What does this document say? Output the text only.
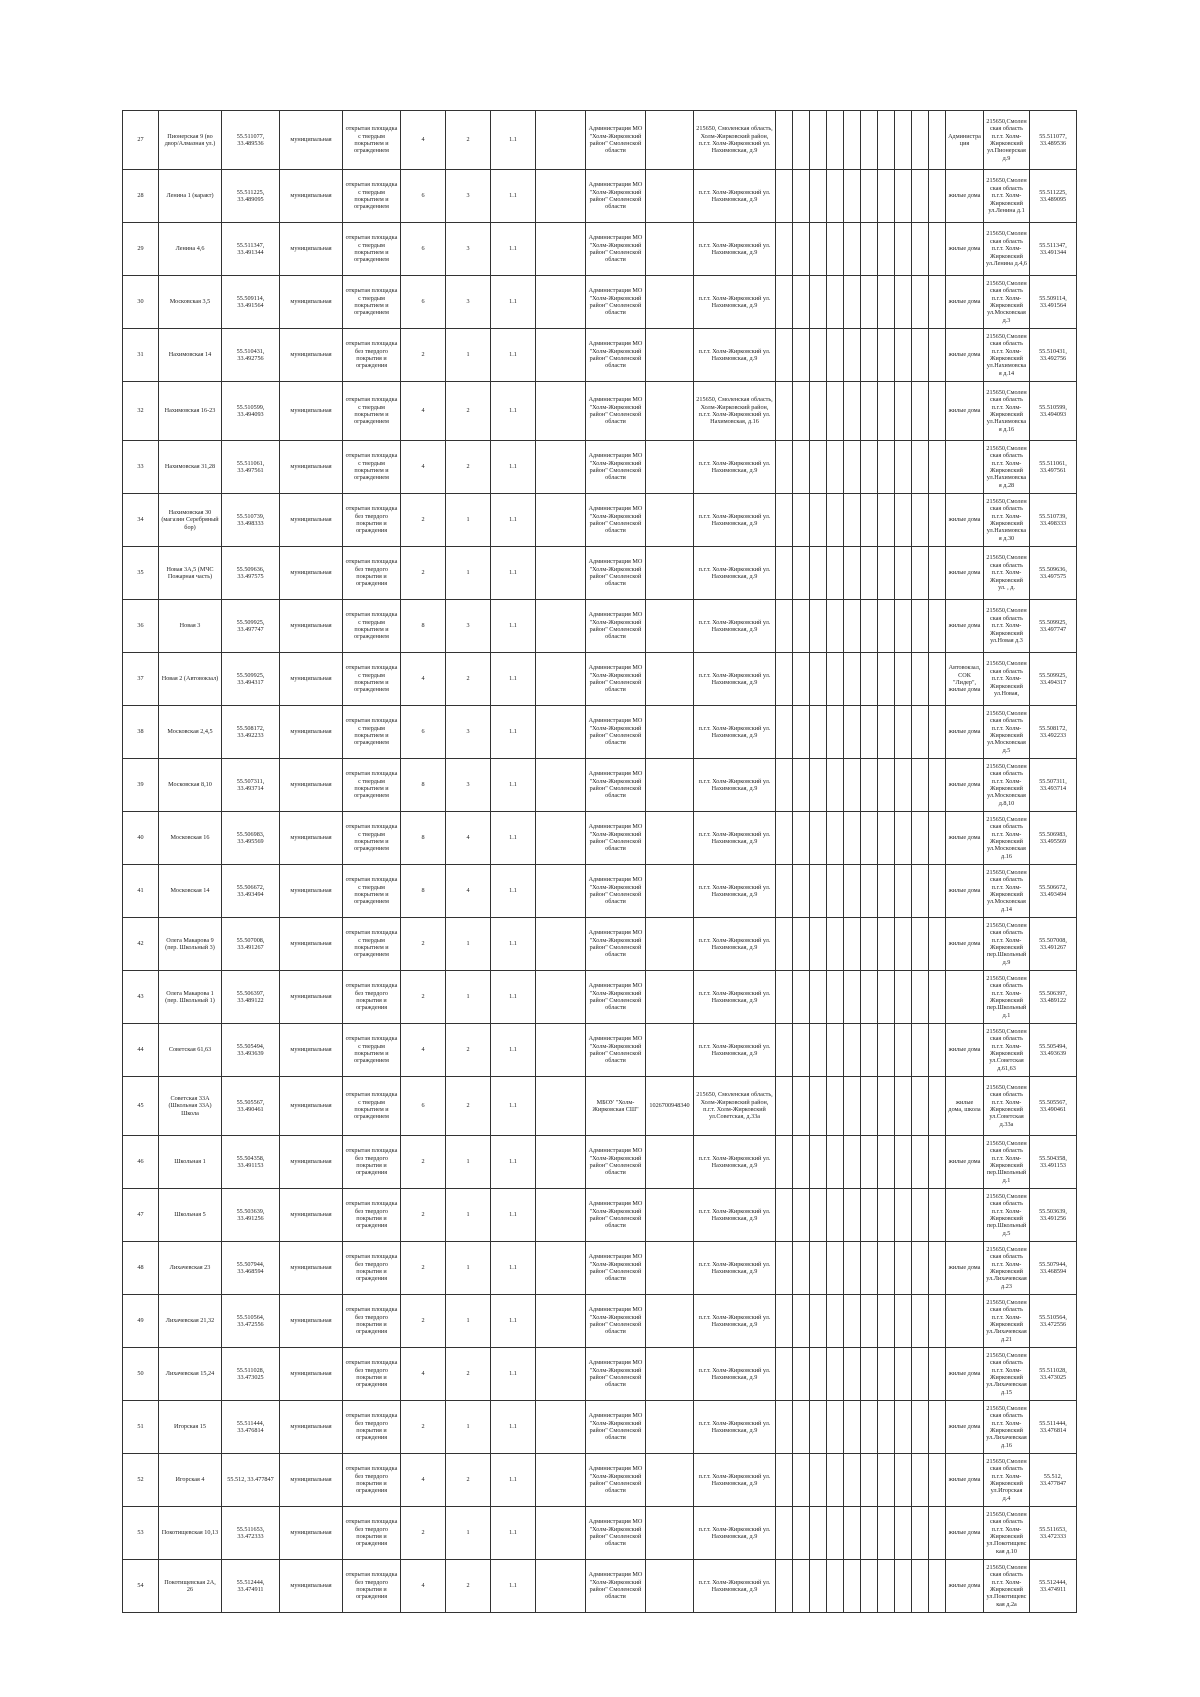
27	Пионерская 9 (во двор/Алмазная ул.)	55.511077, 33.489536	муниципальная	открытая площадка с твердым покрытием и ограждением	4	2	1.1		Администрация МО "Холм-Жирковский район" Смоленской области		215650, Смоленская область, Холм-Жирковский район, п.г.т. Холм-Жирковский ул. Нахимовская, д.9											Администрация	215650,Смоленская область п.г.т. Холм-Жирковский ул.Пионерская д.9	55.511077, 33.489536
28	Ленина 1 (каракт)	55.511225, 33.489095	муниципальная	открытая площадка с твердым покрытием и ограждением	6	3	1.1		Администрация МО "Холм-Жирковский район" Смоленской области		п.г.т. Холм-Жирковский ул. Нахимовская, д.9											жилые дома	215650,Смоленская область п.г.т. Холм-Жирковский ул.Ленина д.1	55.511225, 33.489095
29	Ленина 4,6	55.511347, 33.491344	муниципальная	открытая площадка с твердым покрытием и ограждением	6	3	1.1		Администрация МО "Холм-Жирковский район" Смоленской области		п.г.т. Холм-Жирковский ул. Нахимовская, д.9											жилые дома	215650,Смоленская область п.г.т. Холм-Жирковский ул.Ленина д.4,6	55.511347, 33.491344
30	Московская 3,5	55.509114, 33.491564	муниципальная	открытая площадка с твердым покрытием и ограждением	6	3	1.1		Администрация МО "Холм-Жирковский район" Смоленской области		п.г.т. Холм-Жирковский ул. Нахимовская, д.9											жилые дома	215650,Смоленская область п.г.т. Холм-Жирковский ул.Московская д.3	55.509114, 33.491564
31	Нахимовская 14	55.510431, 33.492756	муниципальная	открытая площадка без твердого покрытия и ограждения	2	1	1.1		Администрация МО "Холм-Жирковский район" Смоленской области		п.г.т. Холм-Жирковский ул. Нахимовская, д.9											жилые дома	215650,Смоленская область п.г.т. Холм-Жирковский ул.Нахимовская д.14	55.510431, 33.492756
32	Нахимовская 16-23	55.510599, 33.494093	муниципальная	открытая площадка с твердым покрытием и ограждением	4	2	1.1		Администрация МО "Холм-Жирковский район" Смоленской области		215650, Смоленская область, Холм-Жирковский район, п.г.т. Холм-Жирковский ул. Нахимовская, д.16											жилые дома	215650,Смоленская область п.г.т. Холм-Жирковский ул.Нахимовская д.16	55.510599, 33.494093
33	Нахимовская 31,28	55.511061, 33.497561	муниципальная	открытая площадка с твердым покрытием и ограждением	4	2	1.1		Администрация МО "Холм-Жирковский район" Смоленской области		п.г.т. Холм-Жирковский ул. Нахимовская, д.9												215650,Смоленская область п.г.т. Холм-Жирковский ул.Нахимовская д.28	55.511061, 33.497561
34	Нахимовская 30 (магазин Серебряный бор)	55.510739, 33.498333	муниципальная	открытая площадка без твердого покрытия и ограждения	2	1	1.1		Администрация МО "Холм-Жирковский район" Смоленской области		п.г.т. Холм-Жирковский ул. Нахимовская, д.9											жилые дома	215650,Смоленская область п.г.т. Холм-Жирковский ул.Нахимовская д.30	55.510739, 33.498333
35	Новая 3А,5 (МЧС Пожарная часть)	55.509636, 33.497575	муниципальная	открытая площадка без твердого покрытия и ограждения	2	1	1.1		Администрация МО "Холм-Жирковский район" Смоленской области		п.г.т. Холм-Жирковский ул. Нахимовская, д.9											жилые дома	215650,Смоленская область п.г.т. Холм-Жирковский ул. , д.	55.509636, 33.497575
36	Новая 3	55.509925, 33.497747	муниципальная	открытая площадка с твердым покрытием и ограждением	8	3	1.1		Администрация МО "Холм-Жирковский район" Смоленской области		п.г.т. Холм-Жирковский ул. Нахимовская, д.9											жилые дома	215650,Смоленская область п.г.т. Холм-Жирковский ул.Новая д.3	55.509925, 33.497747
37	Новая 2 (Автовокзал)	55.509925, 33.494317	муниципальная	открытая площадка с твердым покрытием и ограждением	4	2	1.1		Администрация МО "Холм-Жирковский район" Смоленской области		п.г.т. Холм-Жирковский ул. Нахимовская, д.9											Автовокзал, СОК "Лидер", жилые дома	215650,Смоленская область п.г.т. Холм-Жирковский ул.Новая,	55.509925, 33.494317
38	Московская 2,4,5	55.508172, 33.492233	муниципальная	открытая площадка с твердым покрытием и ограждением	6	3	1.1		Администрация МО "Холм-Жирковский район" Смоленской области		п.г.т. Холм-Жирковский ул. Нахимовская, д.9											жилые дома	215650,Смоленская область п.г.т. Холм-Жирковский ул.Московская д.5	55.508172, 33.492233
39	Московская 8,10	55.507311, 33.493714	муниципальная	открытая площадка с твердым покрытием и ограждением	8	3	1.1		Администрация МО "Холм-Жирковский район" Смоленской области		п.г.т. Холм-Жирковский ул. Нахимовская, д.9											жилые дома	215650,Смоленская область п.г.т. Холм-Жирковский ул.Московская д.8,10	55.507311, 33.493714
40	Московская 16	55.506983, 33.495569	муниципальная	открытая площадка с твердым покрытием и ограждением	8	4	1.1		Администрация МО "Холм-Жирковский район" Смоленской области		п.г.т. Холм-Жирковский ул. Нахимовская, д.9											жилые дома	215650,Смоленская область п.г.т. Холм-Жирковский ул.Московская д.16	55.506983, 33.495569
41	Московская 14	55.506672, 33.493494	муниципальная	открытая площадка с твердым покрытием и ограждением	8	4	1.1		Администрация МО "Холм-Жирковский район" Смоленской области		п.г.т. Холм-Жирковский ул. Нахимовская, д.9											жилые дома	215650,Смоленская область п.г.т. Холм-Жирковский ул.Московская д.14	55.506672, 33.493494
42	Олега Макарова 9 (пер. Школьный 3)	55.507008, 33.491267	муниципальная	открытая площадка с твердым покрытием и ограждением	2	1	1.1		Администрация МО "Холм-Жирковский район" Смоленской области		п.г.т. Холм-Жирковский ул. Нахимовская, д.9											жилые дома	215650,Смоленская область п.г.т. Холм-Жирковский пер.Школьный д.9	55.507008, 33.491267
43	Олега Макарова 1 (пер. Школьный 1)	55.506397, 33.489122	муниципальная	открытая площадка без твердого покрытия и ограждения	2	1	1.1		Администрация МО "Холм-Жирковский район" Смоленской области		п.г.т. Холм-Жирковский ул. Нахимовская, д.9												215650,Смоленская область п.г.т. Холм-Жирковский пер.Школьный д.1	55.506397, 33.489122
44	Советская 61,63	55.505494, 33.493639	муниципальная	открытая площадка с твердым покрытием и ограждением	4	2	1.1		Администрация МО "Холм-Жирковский район" Смоленской области		п.г.т. Холм-Жирковский ул. Нахимовская, д.9											жилые дома	215650,Смоленская область п.г.т. Холм-Жирковский ул.Советская д.61,63	55.505494, 33.493639
45	Советская 33А (Школьная 33А) Школа	55.505567, 33.490461	муниципальная	открытая площадка с твердым покрытием и ограждением	6	2	1.1		МБОУ "Холм-Жирковская СШ"	1026700948340	215650, Смоленская область, Холм-Жирковский район, п.г.т. Холм-Жирковский ул.Советская, д.33а											жилые дома, школа	215650,Смоленская область п.г.т. Холм-Жирковский ул.Советская д.33а	55.505567, 33.490461
46	Школьная 1	55.504358, 33.491153	муниципальная	открытая площадка без твердого покрытия и ограждения	2	1	1.1		Администрация МО "Холм-Жирковский район" Смоленской области		п.г.т. Холм-Жирковский ул. Нахимовская, д.9											жилые дома	215650,Смоленская область п.г.т. Холм-Жирковский пер.Школьный д.1	55.504358, 33.491153
47	Школьная 5	55.503639, 33.491256	муниципальная	открытая площадка без твердого покрытия и ограждения	2	1	1.1		Администрация МО "Холм-Жирковский район" Смоленской области		п.г.т. Холм-Жирковский ул. Нахимовская, д.9												215650,Смоленская область п.г.т. Холм-Жирковский пер.Школьный д.5	55.503639, 33.491256
48	Лихачевская 23	55.507944, 33.468594	муниципальная	открытая площадка без твердого покрытия и ограждения	2	1	1.1		Администрация МО "Холм-Жирковский район" Смоленской области		п.г.т. Холм-Жирковский ул. Нахимовская, д.9											жилые дома	215650,Смоленская область п.г.т. Холм-Жирковский ул.Лихачевская д.23	55.507944, 33.468594
49	Лихачевская 21,32	55.510564, 33.472556	муниципальная	открытая площадка без твердого покрытия и ограждения	2	1	1.1		Администрация МО "Холм-Жирковский район" Смоленской области		п.г.т. Холм-Жирковский ул. Нахимовская, д.9												215650,Смоленская область п.г.т. Холм-Жирковский ул.Лихачевская д.21	55.510564, 33.472556
50	Лихачевская 15,24	55.511028, 33.473025	муниципальная	открытая площадка без твердого покрытия и ограждения	4	2	1.1		Администрация МО "Холм-Жирковский район" Смоленской области		п.г.т. Холм-Жирковский ул. Нахимовская, д.9											жилые дома	215650,Смоленская область п.г.т. Холм-Жирковский ул.Лихачевская д.15	55.511028, 33.473025
51	Игорская 15	55.511444, 33.476814	муниципальная	открытая площадка без твердого покрытия и ограждения	2	1	1.1		Администрация МО "Холм-Жирковский район" Смоленской области		п.г.т. Холм-Жирковский ул. Нахимовская, д.9											жилые дома	215650,Смоленская область п.г.т. Холм-Жирковский ул.Лихачевская д.16	55.511444, 33.476814
52	Игорская 4	55.512, 33.477847	муниципальная	открытая площадка без твердого покрытия и ограждения	4	2	1.1		Администрация МО "Холм-Жирковский район" Смоленской области		п.г.т. Холм-Жирковский ул. Нахимовская, д.9											жилые дома	215650,Смоленская область п.г.т. Холм-Жирковский ул.Игорская д.4	55.512, 33.477847
53	Покотищевская 10,13	55.511653, 33.472333	муниципальная	открытая площадка без твердого покрытия и ограждения	2	1	1.1		Администрация МО "Холм-Жирковский район" Смоленской области		п.г.т. Холм-Жирковский ул. Нахимовская, д.9											жилые дома	215650,Смоленская область п.г.т. Холм-Жирковский ул.Покотищевская д.10	55.511653, 33.472333
54	Покотищевская 2А, 26	55.512444, 33.474911	муниципальная	открытая площадка без твердого покрытия и ограждения	4	2	1.1		Администрация МО "Холм-Жирковский район" Смоленской области		п.г.т. Холм-Жирковский ул. Нахимовская, д.9											жилые дома	215650,Смоленская область п.г.т. Холм-Жирковский ул.Покотищевская д.2а	55.512444, 33.474911
